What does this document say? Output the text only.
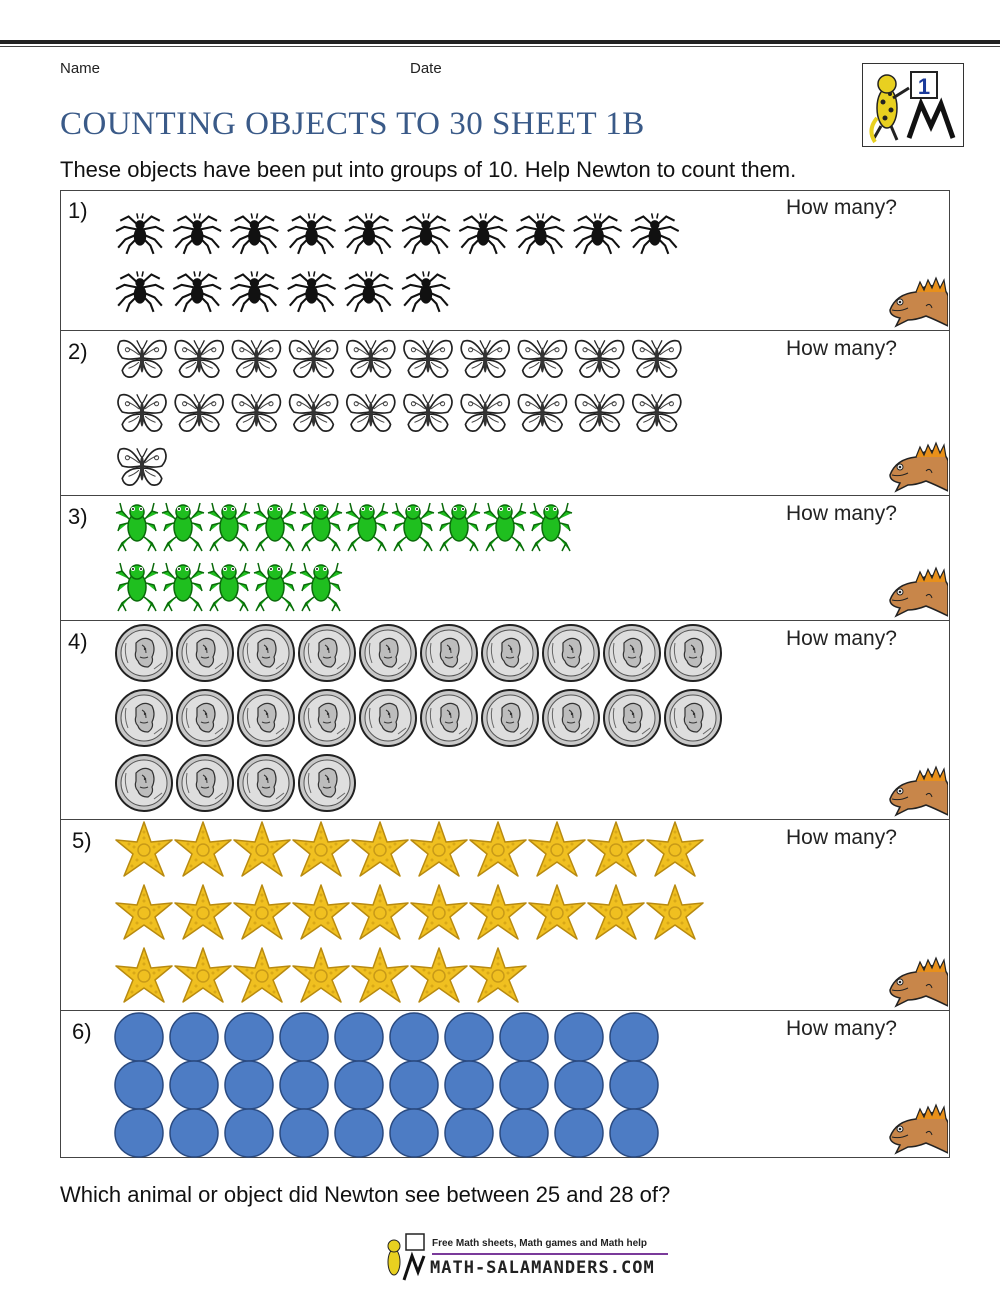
Name	Date
1
COUNTING OBJECTS TO 30 SHEET 1B
These objects have been put into groups of 10. Help Newton to count them.
1)	How many?
2)	How many?
3)	How many?
4)	How many?
5)	How many?
6)	How many?
Which animal or object did Newton see between 25 and 28 of?
Free Math sheets, Math games and Math help
MATH-SALAMANDERS.COM
